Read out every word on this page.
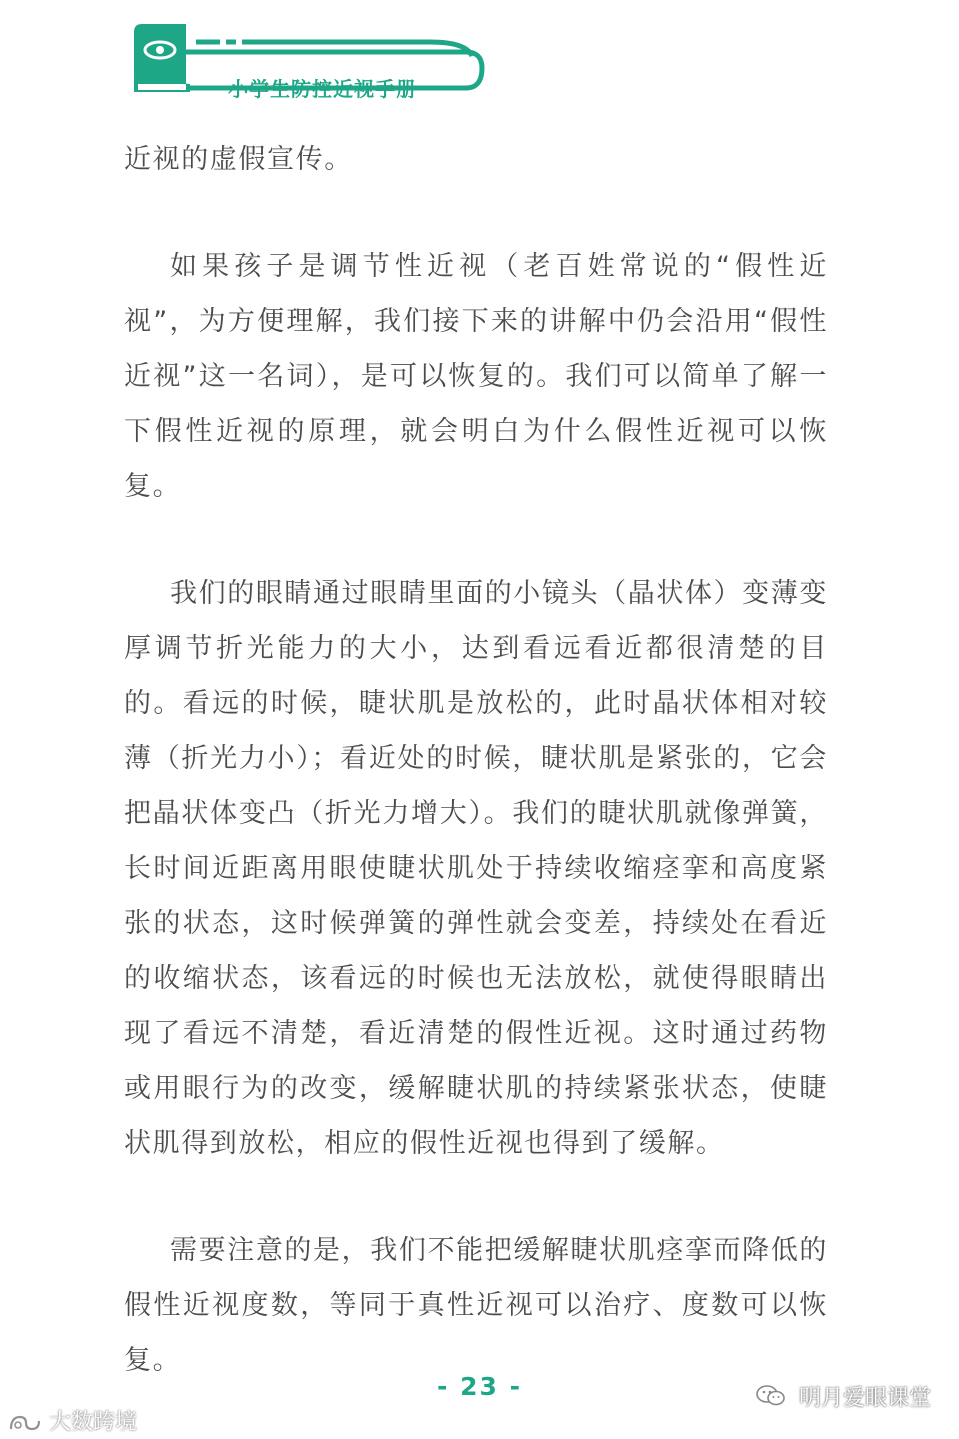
小学生防控近视手册

近视的虚假宣传。

如果孩子是调节性近视（老百姓常说的“假性近视”，为方便理解，我们接下来的讲解中仍会沿用“假性近视”这一名词），是可以恢复的。我们可以简单了解一下假性近视的原理，就会明白为什么假性近视可以恢复。

我们的眼睛通过眼睛里面的小镜头（晶状体）变薄变厚调节折光能力的大小，达到看远看近都很清楚的目的。看远的时候，睫状肌是放松的，此时晶状体相对较薄（折光力小）；看近处的时候，睫状肌是紧张的，它会把晶状体变凸（折光力增大）。我们的睫状肌就像弹簧，长时间近距离用眼使睫状肌处于持续收缩痉挛和高度紧张的状态，这时候弹簧的弹性就会变差，持续处在看近的收缩状态，该看远的时候也无法放松，就使得眼睛出现了看远不清楚，看近清楚的假性近视。这时通过药物或用眼行为的改变，缓解睫状肌的持续紧张状态，使睫状肌得到放松，相应的假性近视也得到了缓解。

需要注意的是，我们不能把缓解睫状肌痉挛而降低的假性近视度数，等同于真性近视可以治疗、度数可以恢复。

- 23 -	明月爱眼课堂
大数跨境
